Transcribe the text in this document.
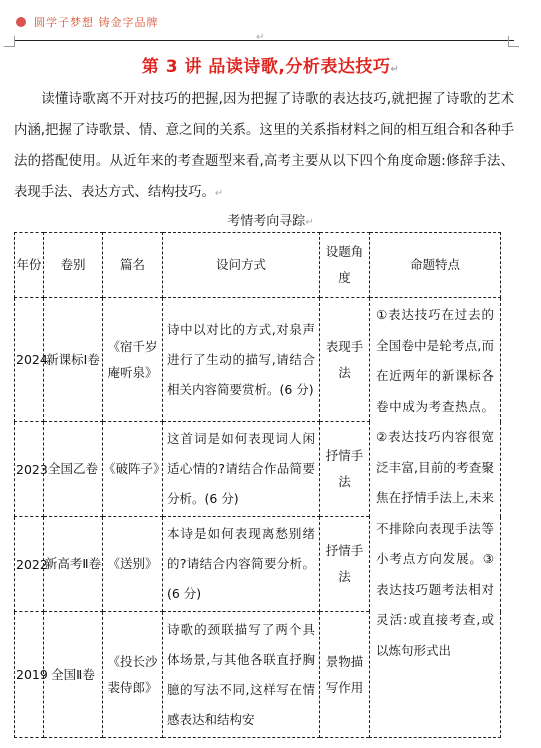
圆学子梦想 铸金字品牌
↵
第 3 讲 品读诗歌,分析表达技巧↵
读懂诗歌离不开对技巧的把握,因为把握了诗歌的表达技巧,就把握了诗歌的艺术内涵,把握了诗歌景、情、意之间的关系。这里的关系指材料之间的相互组合和各种手法的搭配使用。从近年来的考查题型来看,高考主要从以下四个角度命题:修辞手法、表现手法、表达方式、结构技巧。↵
考情考向寻踪↵
年份	卷别	篇名	设问方式	设题角度	命题特点
2024	新课标Ⅰ卷	《宿千岁庵听泉》	诗中以对比的方式,对泉声进行了生动的描写,请结合相关内容简要赏析。(6 分)	表现手法	①表达技巧在过去的全国卷中是轮考点,而在近两年的新课标各卷中成为考查热点。②表达技巧内容很宽泛丰富,目前的考查聚焦在抒情手法上,未来不排除向表现手法等小考点方向发展。③表达技巧题考法相对灵活:或直接考查,或以炼句形式出
2023	全国乙卷	《破阵子》	这首词是如何表现词人闲适心情的?请结合作品简要分析。(6 分)	抒情手法	
2022	新高考Ⅱ卷	《送别》	本诗是如何表现离愁别绪的?请结合内容简要分析。(6 分)	抒情手法	
2019	全国Ⅱ卷	《投长沙裴侍郎》	诗歌的颈联描写了两个具体场景,与其他各联直抒胸臆的写法不同,这样写在情感表达和结构安	景物描写作用	
